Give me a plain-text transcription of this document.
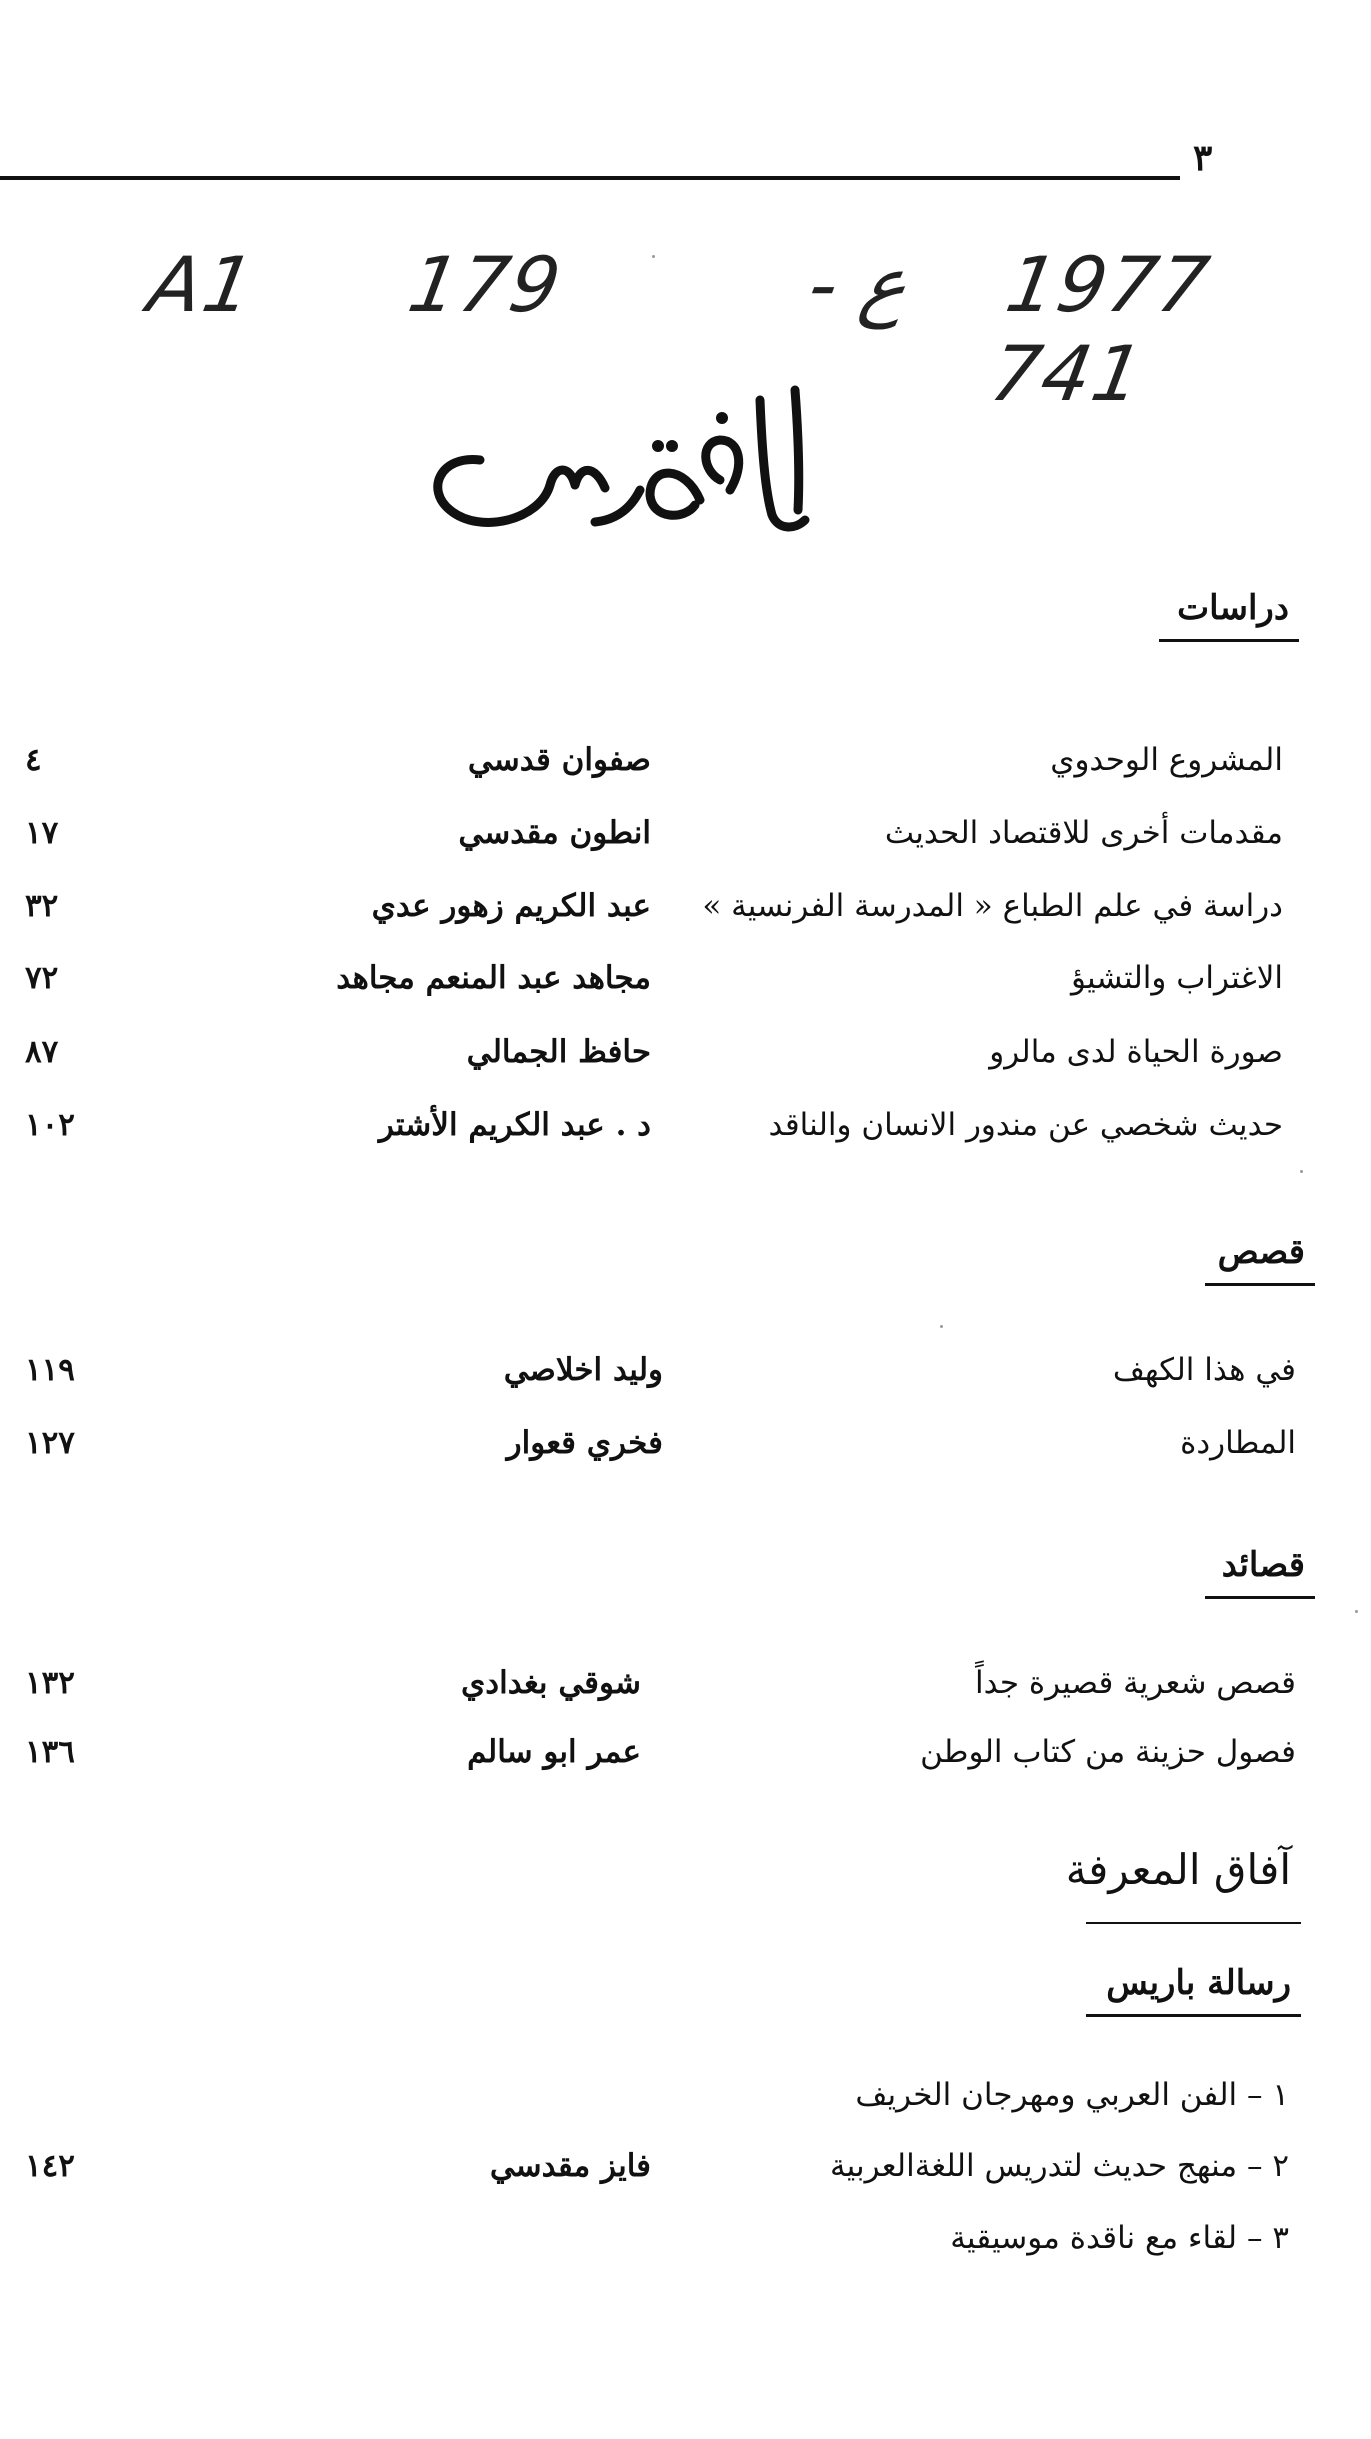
٣
A1 179	- ع 1977 741
دراسات
المشروع الوحدوي
صفوان قدسي
٤
مقدمات أخرى للاقتصاد الحديث
انطون مقدسي
١٧
دراسة في علم الطباع « المدرسة الفرنسية »
عبد الكريم زهور عدي
٣٢
الاغتراب والتشيؤ
مجاهد عبد المنعم مجاهد
٧٢
صورة الحياة لدى مالرو
حافظ الجمالي
٨٧
حديث شخصي عن مندور الانسان والناقد
د . عبد الكريم الأشتر
١٠٢
قصص
في هذا الكهف
وليد اخلاصي
١١٩
المطاردة
فخري قعوار
١٢٧
قصائد
قصص شعرية قصيرة جداً
شوقي بغدادي
١٣٢
فصول حزينة من كتاب الوطن
عمر ابو سالم
١٣٦
آفاق المعرفة
رسالة باريس
١ – الفن العربي ومهرجان الخريف
٢ – منهج حديث لتدريس اللغةالعربية
فايز مقدسي
١٤٢
٣ – لقاء مع ناقدة موسيقية
